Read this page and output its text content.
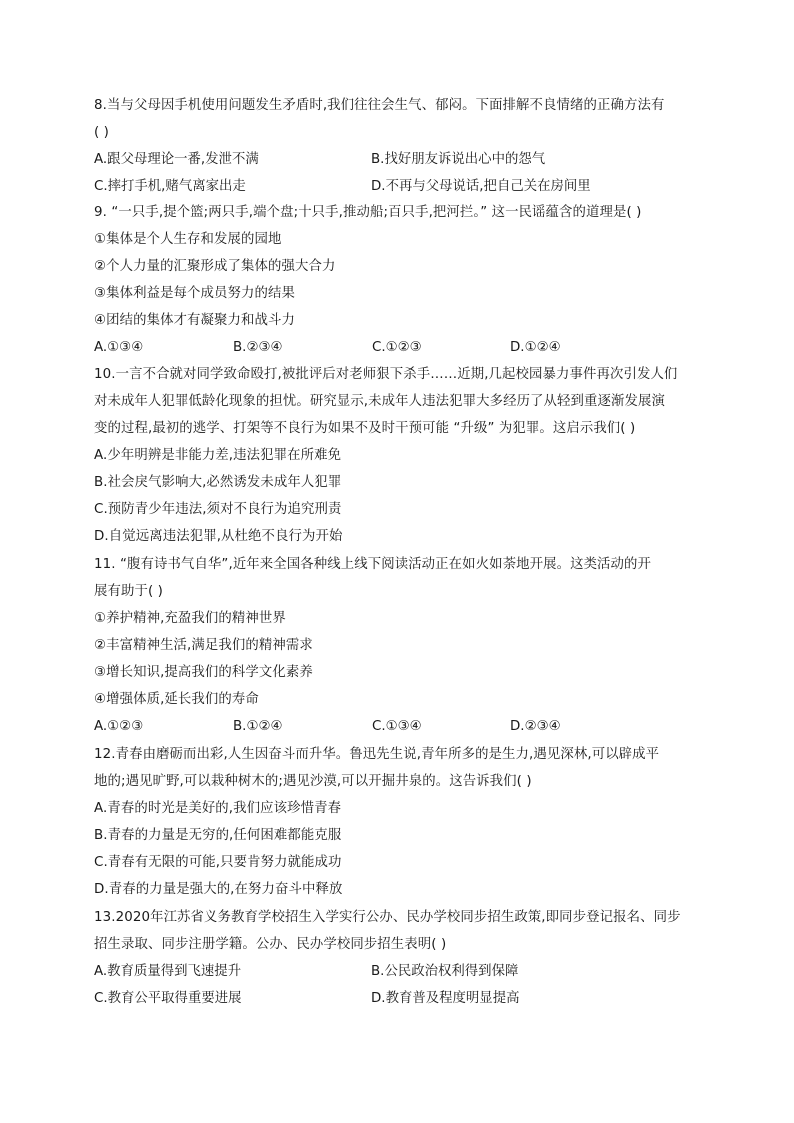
8.当与父母因手机使用问题发生矛盾时,我们往往会生气、郁闷。下面排解不良情绪的正确方法有
( )
A.跟父母理论一番,发泄不满	B.找好朋友诉说出心中的怨气
C.摔打手机,赌气离家出走	D.不再与父母说话,把自己关在房间里
9. “一只手,提个篮;两只手,端个盘;十只手,推动船;百只手,把河拦。” 这一民谣蕴含的道理是( )
①集体是个人生存和发展的园地
②个人力量的汇聚形成了集体的强大合力
③集体利益是每个成员努力的结果
④团结的集体才有凝聚力和战斗力
A.①③④	B.②③④	C.①②③	D.①②④
10.一言不合就对同学致命殴打,被批评后对老师狠下杀手……近期,几起校园暴力事件再次引发人们
对未成年人犯罪低龄化现象的担忧。研究显示,未成年人违法犯罪大多经历了从轻到重逐渐发展演
变的过程,最初的逃学、打架等不良行为如果不及时干预可能 “升级” 为犯罪。这启示我们( )
A.少年明辨是非能力差,违法犯罪在所难免
B.社会戾气影响大,必然诱发未成年人犯罪
C.预防青少年违法,须对不良行为追究刑责
D.自觉远离违法犯罪,从杜绝不良行为开始
11. “腹有诗书气自华”,近年来全国各种线上线下阅读活动正在如火如荼地开展。这类活动的开
展有助于( )
①养护精神,充盈我们的精神世界
②丰富精神生活,满足我们的精神需求
③增长知识,提高我们的科学文化素养
④增强体质,延长我们的寿命
A.①②③	B.①②④	C.①③④	D.②③④
12.青春由磨砺而出彩,人生因奋斗而升华。鲁迅先生说,青年所多的是生力,遇见深林,可以辟成平
地的;遇见旷野,可以栽种树木的;遇见沙漠,可以开掘井泉的。这告诉我们( )
A.青春的时光是美好的,我们应该珍惜青春
B.青春的力量是无穷的,任何困难都能克服
C.青春有无限的可能,只要肯努力就能成功
D.青春的力量是强大的,在努力奋斗中释放
13.2020年江苏省义务教育学校招生入学实行公办、民办学校同步招生政策,即同步登记报名、同步
招生录取、同步注册学籍。公办、民办学校同步招生表明( )
A.教育质量得到飞速提升	B.公民政治权利得到保障
C.教育公平取得重要进展	D.教育普及程度明显提高
